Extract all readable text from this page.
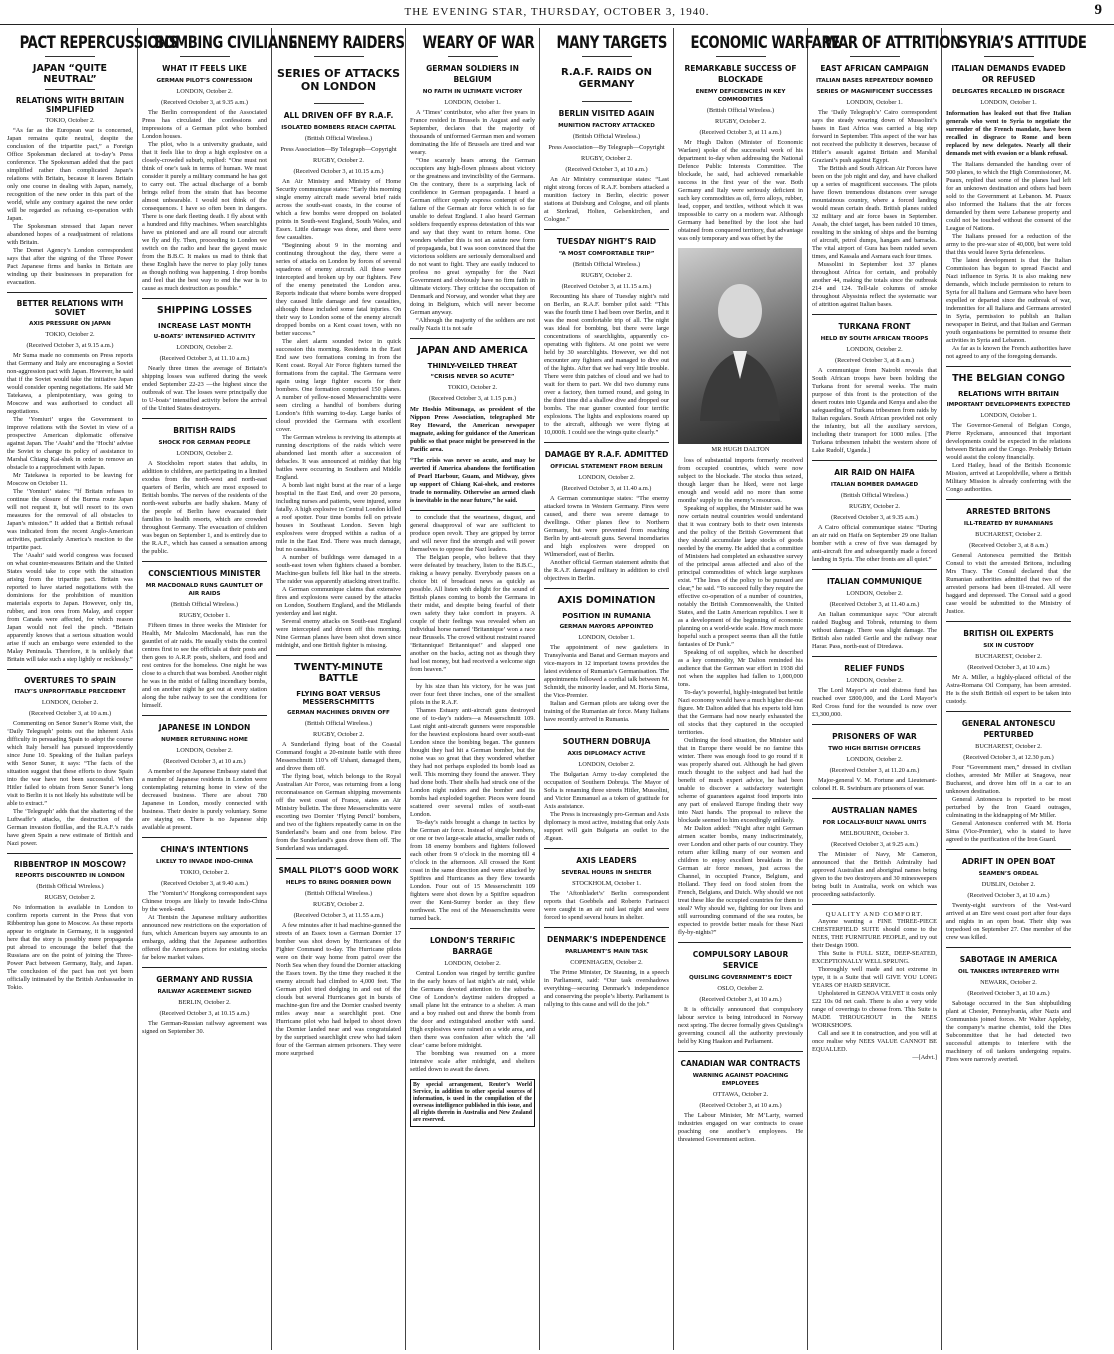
THE EVENING STAR, THURSDAY, OCTOBER 3, 1940.	9
PACT REPERCUSSIONS
JAPAN “QUITE NEUTRAL”
RELATIONS WITH BRITAIN SIMPLIFIED
TOKIO, October 2.

“As far as the European war is concerned, Japan remains quite neutral, despite the conclusion of the tripartite pact,” a Foreign Office Spokesman declared at to-day’s Press conference. The Spokesman added that the pact simplified rather than complicated Japan’s relations with Britain, because it leaves Britain only one course in dealing with Japan, namely, recognition of the new order in this part of the world, while any contrary against the new order will be regarded as refusing co-operation with Japan.

The Spokesman stressed that Japan never abandoned hopes of a readjustment of relations with Britain.

The Domei Agency’s London correspondent says that after the signing of the Three Power Pact Japanese firms and banks in Britain are winding up their businesses in preparation for evacuation.

BETTER RELATIONS WITH SOVIET
AXIS PRESSURE ON JAPAN
TOKIO, October 2.
(Received October 3, at 9.15 a.m.)

Mr Suma made no comments on Press reports that Germany and Italy are encouraging a Soviet non-aggression pact with Japan. However, he said that if the Soviet would take the initiative Japan would consider opening negotiations. He said Mr Tatekawa, a plenipotentiary, was going to Moscow and was authorised to conduct all negotiations.

The ‘Yomiuri’ urges the Government to improve relations with the Soviet in view of a prospective American diplomatic offensive against Japan. The ‘Asahi’ and the ‘Hochi’ advise the Soviet to change its policy of assistance to Marshal Chiang Kai-shek in order to remove an obstacle to a rapprochment with Japan.

Mr Tatekawa is reported to be leaving for Moscow on October 11.

The ‘Yomiuri’ states: “If Britain refuses to continue the closure of the Burma route Japan will not request it, but will resort to its own measures for the removal of all obstacles to Japan’s mission.” It added that a British refusal was indicated from the recent Anglo-American activities, particularly America’s reaction to the tripartite pact.

The ‘Asahi’ said world congress was focused on what counter-measures Britain and the United States would take to cope with the situation arising from the tripartite pact. Britain was reported to have started negotiations with the dominions for the prohibition of munition materials exports to Japan. However, only tin, rubber, and iron ores from Malay, and copper from Canada were affected, for which reason Japan would not feel the pinch. “Britain apparently knows that a serious situation would arise if such an embargo were extended to the Malay Peninsula. Therefore, it is unlikely that Britain will take such a step lightly or recklessly.”

OVERTURES TO SPAIN
ITALY’S UNPROFITABLE PRECEDENT
LONDON, October 2.
(Received October 3, at 10 a.m.)

Commenting on Senor Suner’s Rome visit, the ‘Daily Telegraph’ points out the inherent Axis difficulty in persuading Spain to adopt the course which Italy herself has pursued improvidently since June 10. Speaking of the Italian parleys with Senor Suner, it says: “The facts of the situation suggest that these efforts to draw Spain into the war have not been successful. When Hitler failed to obtain from Senor Suner’s long visit to Berlin it is not likely his substitute will be able to extract.”

The ‘Telegraph’ adds that the shattering of the Luftwaffe’s attacks, the destruction of the German invasion flotillas, and the R.A.F.’s raids have given Spain a new estimate of British and Nazi power.

RIBBENTROP IN MOSCOW?
REPORTS DISCOUNTED IN LONDON
(British Official Wireless.)
RUGBY, October 2.

No information is available in London to confirm reports current in the Press that von Ribbentrop has gone to Moscow. As these reports appear to originate in Germany, it is suggested here that the story is possibly mere propaganda put abroad to encourage the belief that the Russians are on the point of joining the Three-Power Pact between Germany, Italy, and Japan. The conclusion of the pact has not yet been officially intimated by the British Ambassador in Tokio.

BOMBING CIVILIANS
WHAT IT FEELS LIKE
GERMAN PILOT’S CONFESSION
LONDON, October 2.
(Received October 3, at 9.35 a.m.)

The Berlin correspondent of the Associated Press has circulated the confessions and impressions of a German pilot who bombed London houses.

The pilot, who is a university graduate, said that it feels like to drop a high explosive on a closely-crowded suburb, replied: “One must not think of one’s task in terms of human. We must consider it purely a military command he has got to carry out. The actual discharge of a bomb brings relief from the strain that has become almost unbearable. I would not think of the consequences. I have so often been in dangers. There is one dark fleeting death. I fly about with a hundred and fifty machines. When searchlights have us pinioned and are all round our aircraft we fly and fly. Then, proceeding to London we switch on the radio and hear the gayest music from the B.B.C. It makes us mad to think that these English have the nerve to play jolly tunes as though nothing was happening. I drop bombs and feel that the best way to end the war is to cause as much destruction as possible.”

SHIPPING LOSSES
INCREASE LAST MONTH
U-BOATS’ INTENSIFIED ACTIVITY
LONDON, October 2.
(Received October 3, at 11.10 a.m.)

Nearly three times the average of Britain’s shipping losses was suffered during the week ended September 22-23 —the highest since the outbreak of war. The losses were principally due to U-boats’ intensified activity before the arrival of the United States destroyers.

BRITISH RAIDS
SHOCK FOR GERMAN PEOPLE
LONDON, October 2.

A Stockholm report states that adults, in addition to children, are participating in a limited exodus from the north-west and north-east quarters of Berlin, which are most exposed to British bombs. The nerves of the residents of the north-west suburbs are badly shaken. Many of the people of Berlin have evacuated their families to health resorts, which are crowded throughout Germany. The evacuation of children was begun on September 1, and is entirely due to the R.A.F., which has caused a sensation among the public.

CONSCIENTIOUS MINISTER
MR MACDONALD RUNS GAUNTLET OF AIR RAIDS
(British Official Wireless.)
RUGBY, October 1.

Fifteen times in three weeks the Minister for Health, Mr Malcolm Macdonald, has run the gauntlet of air raids. He usually visits the control centres first to see the officials at their posts and then goes to A.R.P. posts, shelters, and food and rest centres for the homeless. One night he was close to a church that was bombed. Another night he was in the midst of falling incendiary bombs, and on another night he got out at every station along the tube railway to see the conditions for himself.

JAPANESE IN LONDON
NUMBER RETURNING HOME
LONDON, October 2.
(Received October 3, at 10 a.m.)

A member of the Japanese Embassy stated that a number of Japanese residents in London were contemplating returning home in view of the decreased business. There are about 780 Japanese in London, mostly connected with business. Their desire is purely voluntary. Some are staying on. There is no Japanese ship available at present.

CHINA’S INTENTIONS
LIKELY TO INVADE INDO-CHINA
TOKIO, October 2.
(Received October 3, at 9.40 a.m.)

The ‘Yomiuri’s’ Hongkong correspondent says Chinese troops are likely to invade Indo-China by the week-end.

At Tientsin the Japanese military authorities announced new restrictions on the exportation of furs, which American buyers say amounts to an embargo, adding that the Japanese authorities offered the Americans prices for existing stocks far below market values.

GERMANY AND RUSSIA
RAILWAY AGREEMENT SIGNED
BERLIN, October 2.
(Received October 3, at 10.15 a.m.)

The German-Russian railway agreement was signed on September 30.

ENEMY RAIDERS
SERIES OF ATTACKS ON LONDON
ALL DRIVEN OFF BY R.A.F.
ISOLATED BOMBERS REACH CAPITAL
(British Official Wireless.)
Press Association—By Telegraph—Copyright
RUGBY, October 2.
(Received October 3, at 10.15 a.m.)

An Air Ministry and Ministry of Home Security communique states: “Early this morning single enemy aircraft made several brief raids across the south-east coasts, in the course of which a few bombs were dropped on isolated points in South-west England, South Wales, and Essex. Little damage was done, and there were few casualties.

“Beginning about 9 in the morning and continuing throughout the day, there were a series of attacks on London by forces of several squadrons of enemy aircraft. All these were intercepted and broken up by our fighters. Few of the enemy penetrated the London area. Reports indicate that where bombs were dropped they caused little damage and few casualties, although these included some fatal injuries. On their way to London some of the enemy aircraft dropped bombs on a Kent coast town, with no better success.”

The alert alarm sounded twice in quick succession this morning. Residents in the East End saw two formations coming in from the Kent coast. Royal Air Force fighters turned the formations from the capital. The Germans were again using large fighter escorts for their bombers. One formation comprised 150 planes. A number of yellow-nosed Messerschmitts were seen circling a handful of bombers during London’s fifth warning to-day. Large banks of cloud provided the Germans with excellent cover.

The German wireless is reviving its attempts at running descriptions of the raids which were abandoned last month after a succession of debacles. It was announced at midday that big battles were occurring in Southern and Middle England.

A bomb last night burst at the rear of a large hospital in the East End, and over 20 persons, including nurses and patients, were injured, some fatally. A high explosive in Central London killed a roof spotter. Four time bombs fell on private houses in Southeast London. Seven high explosives were dropped within a radius of a mile in the East End. There was much damage, but no casualties.

A number of buildings were damaged in a south-east town when fighters chased a bomber. Machine-gun bullets fell like hail in the streets. The raider was apparently attacking street traffic.

A German communique claims that extensive fires and explosions were caused by the attacks on London, Southern England, and the Midlands yesterday and last night.

Several enemy attacks on South-east England were intercepted and driven off this morning. Nine German planes have been shot down since midnight, and one British fighter is missing.

TWENTY-MINUTE BATTLE
FLYING BOAT VERSUS MESSERSCHMITTS
GERMAN MACHINES DRIVEN OFF
(British Official Wireless.)
RUGBY, October 2.

A Sunderland flying boat of the Coastal Command fought a 20-minute battle with three Messerschmitt 110’s off Ushant, damaged them, and drove them off.

The flying boat, which belongs to the Royal Australian Air Force, was returning from a long reconnaissance on German shipping movements off the west coast of France, states an Air Ministry bulletin. The three Messerschmitts were escorting two Dornier ‘Flying Pencil’ bombers, and two of the fighters repeatedly came in on the Sunderland’s beam and one from below. Fire from the Sunderland’s guns drove them off. The Sunderland was undamaged.

SMALL PILOT’S GOOD WORK
HELPS TO BRING DORNIER DOWN
(British Official Wireless.)
RUGBY, October 2.
(Received October 3, at 11.55 a.m.)

A few minutes after it had machine-gunned the streets of an Essex town a German Dornier 17 bomber was shot down by Hurricanes of the Fighter Command to-day. The Hurricane pilots were on their way home from patrol over the North Sea when they found the Dornier attacking the Essex town. By the time they reached it the enemy aircraft had climbed to 4,000 feet. The German pilot tried dodging in and out of the clouds but several Hurricanes got in bursts of machine-gun fire and the Dornier crashed twenty miles away near a searchlight post. One Hurricane pilot who had helped to shoot down the Dornier landed near and was congratulated by the surprised searchlight crew who had taken four of the German airmen prisoners. They were more surprised

WEARY OF WAR
GERMAN SOLDIERS IN BELGIUM
NO FAITH IN ULTIMATE VICTORY
LONDON, October 1.

A ‘Times’ contributor, who after five years in France resided in Brussels in August and early September, declares that the majority of thousands of uniformed German men and women dominating the life of Brussels are tired and war weary.

“One scarcely hears among the German occupiers any high-flown phrases about victory or the greatness and invincibility of the Germans. On the contrary, there is a surprising lack of confidence in German propaganda. I heard a German officer openly express contempt of the failure of the German air force which is so far unable to defeat England. I also heard German soldiers frequently express detestation of this war and say that they want to return home. One wonders whether this is not an astute new form of propaganda, but I was soon convinced that the victorious soldiers are seriously demoralised and do not want to fight. They are easily induced to profess no great sympathy for the Nazi Government and obviously have no firm faith in ultimate victory. They criticise the occupation of Denmark and Norway, and wonder what they are doing in Belgium, which will never become German anyway.

“Although the majority of the soldiers are not really Nazis it is not safe

JAPAN AND AMERICA
THINLY-VEILED THREAT
“CRISIS NEVER SO ACUTE”
TOKIO, October 2.
(Received October 3, at 1.15 p.m.)

Mr Hoshio Mitsunaga, as president of the Nippon Press Association, telegraphed Mr Roy Howard, the American newspaper magnate, asking for guidance of the American public so that peace might be preserved in the Pacific area.

“The crisis was never so acute, and may be averted if America abandons the fortification of Pearl Harbour, Guam, and Midway, gives up support of Chiang Kai-shek, and restores trade to normality. Otherwise an armed clash is inevitable in the near future,” he said.

to conclude that the weariness, disgust, and general disapproval of war are sufficient to produce open revolt. They are gripped by terror and will never find the strength and will power themselves to oppose the Nazi leaders.

The Belgian people, who believe that they were defeated by treachery, listen to the B.B.C., risking a heavy penalty. Everybody passes on a choice bit of broadcast news as quickly as possible. All listen with delight for the sound of British planes coming to bomb the Germans in their midst, and despite being fearful of their own safety they take comfort in prayers. A couple of their feelings was revealed when an individual horse named ‘Britannique’ won a race near Brussels. The crowd without restraint roared ‘Britannique! Britannique!’ and slapped one another on the backs, acting not as though they had lost money, but had received a welcome sign from heaven.”

by his size than his victory, for he was just over four feet three inches, one of the smallest pilots in the R.A.F.

Thames Estuary anti-aircraft guns destroyed one of to-day’s raiders—a Messerschmitt 109. Last night anti-aircraft gunners were responsible for the heaviest explosions heard over south-east London since the bombing began. The gunners thought they had hit a German bomber, but the noise was so great that they wondered whether they had not perhaps exploded its bomb load as well. This morning they found the answer. They had done both. Their shells had struck one of the London night raiders and the bomber and its bombs had exploded together. Pieces were found scattered over several miles of south-east London.

To-day’s raids brought a change in tactics by the German air force. Instead of single bombers, or one or two large-scale attacks, smaller raids of from 18 enemy bombers and fighters followed each other from 9 o’clock in the morning till 4 o’clock in the afternoon. All crossed the Kent coast in the same direction and were attacked by Spitfires and Hurricanes as they flew towards London. Four out of 15 Messerschmitt 109 fighters were shot down by a Spitfire squadron over the Kent-Surrey border as they flew northwest. The rest of the Messerschmitts were turned back.

LONDON’S TERRIFIC BARRAGE
LONDON, October 2.

Central London was ringed by terrific gunfire in the early hours of last night’s air raid, while the Germans devoted attention to the suburbs. One of London’s daytime raiders dropped a small plane hit the entrance to a shelter. A man and a boy rushed out and threw the bomb from the door and extinguished another with sand. High explosives were rained on a wide area, and then there was confusion after which the ‘all clear’ came before midnight.

The bombing was resumed on a more intensive scale after midnight, and shelters settled down to await the dawn.

By special arrangement, Reuter’s World Service, in addition to other special sources of information, is used in the compilation of the overseas intelligence published in this issue, and all rights therein in Australia and New Zealand are reserved.

MANY TARGETS
R.A.F. RAIDS ON GERMANY
BERLIN VISITED AGAIN
MUNITION FACTORY ATTACKED
(British Official Wireless.)
Press Association—By Telegraph—Copyright
RUGBY, October 2.
(Received October 3, at 10 a.m.)

An Air Ministry communique states: “Last night strong forces of R.A.F. bombers attacked a munition factory in Berlin, electric power stations at Duisburg and Cologne, and oil plants at Sterkrad, Holten, Gelsenkirchen, and Cologne.”

TUESDAY NIGHT’S RAID
“A MOST COMFORTABLE TRIP”
(British Official Wireless.)
RUGBY, October 2.
(Received October 3, at 11.15 a.m.)

Recounting his share of Tuesday night’s raid on Berlin, an R.A.F. bomber pilot said: “This was the fourth time I had been over Berlin, and it was the most comfortable trip of all. The night was ideal for bombing, but there were large concentrations of searchlights, apparently co-operating with fighters. At one point we were held by 30 searchlights. However, we did not encounter any fighters and managed to dive out of the lights. After that we had very little trouble. There were thin patches of cloud and we had to wait for them to part. We did two dummy runs over a factory, then turned round, and going in the third time did a shallow dive and dropped our bombs. The rear gunner counted four terrific explosions. The lights and explosions roared up to the aircraft, although we were flying at 10,000ft. I could see the wings quite clearly.”

DAMAGE BY R.A.F. ADMITTED
OFFICIAL STATEMENT FROM BERLIN
LONDON, October 2.
(Received October 3, at 11.40 a.m.)

A German communique states: “The enemy attacked towns in Western Germany. Fires were caused, and there was severe damage to dwellings. Other planes flew to Northern Germany, but were prevented from reaching Berlin by anti-aircraft guns. Several incendiaries and high explosives were dropped on Wilmersdorf, east of Berlin.

Another official German statement admits that the R.A.F. damaged military in addition to civil objectives in Berlin.

AXIS DOMINATION
POSITION IN RUMANIA
GERMAN MAYORS APPOINTED
LONDON, October 1.

The appointment of new gauleiters in Transylvania and Banat and German mayors and vice-mayors in 12 important towns provides the latest evidence of Rumania’s Germanisation. The appointments followed a cordial talk between M. Schmidt, the minority leader, and M. Horia Sima, the Vice-Premier.

Italian and German pilots are taking over the training of the Rumanian air force. Many Italians have recently arrived in Rumania.

SOUTHERN DOBRUJA
AXIS DIPLOMACY ACTIVE
LONDON, October 2.

The Bulgarian Army to-day completed the occupation of Southern Dobruja. The Mayor of Sofia is renaming three streets Hitler, Mussolini, and Victor Emmanuel as a token of gratitude for Axis assistance.

The Press is increasingly pro-German and Axis diplomacy is most active, insisting that only Axis support will gain Bulgaria an outlet to the Ægean.

AXIS LEADERS
SEVERAL HOURS IN SHELTER
STOCKHOLM, October 1.

The ‘Aftonbladet’s’ Berlin correspondent reports that Goebbels and Roberto Farinacci were caught in an air raid last night and were forced to spend several hours in shelter.

DENMARK’S INDEPENDENCE
PARLIAMENT’S MAIN TASK
COPENHAGEN, October 2.

The Prime Minister, Dr Stauning, in a speech in Parliament, said: “Our task overshadows everything—securing Denmark’s independence and conserving the people’s liberty. Parliament is rallying to this cause and will do the job.”

ECONOMIC WARFARE
REMARKABLE SUCCESS OF BLOCKADE
ENEMY DEFICIENCIES IN KEY COMMODITIES
(British Official Wireless.)
RUGBY, October 2.
(Received October 3, at 11 a.m.)

Mr Hugh Dalton (Minister of Economic Warfare) spoke of the successful work of his department to-day when addressing the National Defence Public Interests Committee. The blockade, he said, had achieved remarkable success in the first year of the war. Both Germany and Italy were seriously deficient in such key commodities as oil, ferro alloys, rubber, lead, copper, and textiles, without which it was impossible to carry on a modern war. Although Germany had benefited by the loot she had obtained from conquered territory, that advantage was only temporary and was offset by the

MR HUGH DALTON

loss of substantial imports formerly received from occupied countries, which were now subject to the blockade. The stocks thus seized, though larger than he liked, were not large enough and would add no more than some months’ supply to the enemy’s resources.

Speaking of supplies, the Minister said he was now certain neutral countries would understand that it was contrary both to their own interests and the policy of the British Government that they should accumulate large stocks of goods needed by the enemy. He added that a committee of Ministers had completed an exhaustive survey of the principal areas affected and also of the principal commodities of which large surpluses exist. “The lines of the policy to be pursued are clear,” he said. “To succeed fully they require the effective co-operation of a number of countries, notably the British Commonwealth, the United States, and the Latin American republics. I see it as a development of the beginning of economic planning on a world-wide scale. How much more hopeful such a prospect seems than all the futile fantasies of Dr Funk.”

Speaking of oil supplies, which he described as a key commodity, Mr Dalton reminded his audience that the German war effort in 1938 did not when the supplies had fallen to 1,000,000 tons.

To-day’s powerful, highly-integrated but brittle Nazi economy would have a much higher die-out figure. Mr Dalton added that his experts told him that the Germans had now nearly exhausted the oil stocks that they captured in the occupied territories.

Outlining the food situation, the Minister said that in Europe there would be no famine this winter. There was enough food to go round if it was properly shared out. Although he had given much thought to the subject and had had the benefit of much expert advice, he had been unable to discover a satisfactory watertight scheme of guarantees against food imports into any part of enslaved Europe finding their way into Nazi hands. The proposal to relieve the blockade seemed to him exceedingly unlikely.

Mr Dalton added: “Night after night German airmen scatter bombs, many indiscriminately, over London and other parts of our country. They return after killing many of our women and children to enjoy excellent breakfasts in the German air force messes, just across the Channel, in occupied France, Belgium, and Holland. They feed on food stolen from the French, Belgians, and Dutch. Why should we not treat these like the occupied countries for them to steal? Why should we, fighting for our lives and still surrounding command of the sea routes, be expected to provide better meals for these Nazi fly-by-nights?”

COMPULSORY LABOUR SERVICE
QUISLING GOVERNMENT’S EDICT
OSLO, October 2.
(Received October 3, at 10 a.m.)

It is officially announced that compulsory labour service is being introduced in Norway next spring. The decree formally gives Quisling’s governing council all the authority previously held by King Haakon and Parliament.

CANADIAN WAR CONTRACTS
WARNING AGAINST POACHING EMPLOYEES
OTTAWA, October 2.
(Received October 3, at 10 a.m.)

The Labour Minister, Mr M’Larty, warned industries engaged on war contracts to cease poaching one another’s employees. He threatened Government action.

WAR OF ATTRITION
EAST AFRICAN CAMPAIGN
ITALIAN BASES REPEATEDLY BOMBED
SERIES OF MAGNIFICENT SUCCESSES
LONDON, October 1.

The ‘Daily Telegraph’s’ Cairo correspondent says the steady wearing down of Mussolini’s bases in East Africa was carried a big step forward in September. This aspect of the war has not received the publicity it deserves, because of Hitler’s assault against Britain and Marshal Graziani’s push against Egypt.

The British and South African Air Forces have been on the job night and day, and have chalked up a series of magnificent successes. The pilots have flown tremendous distances over savage mountainous country, where a forced landing would mean certain death. British planes raided 32 military and air force bases in September. Assab, the chief target, has been raided 10 times, resulting in the sinking of ships and the burning of aircraft, petrol dumps, hangars and barracks. The vital airport of Gura has been raided seven times, and Kassala and Asmara each four times.

Mussolini in September lost 37 planes throughout Africa for certain, and probably another 44, making the totals since the outbreak 214 and 124. Tell-tale columns of smoke throughout Abyssinia reflect the systematic war of attrition against Italian bases.

TURKANA FRONT
HELD BY SOUTH AFRICAN TROOPS
LONDON, October 2.
(Received October 3, at 8 a.m.)

A communique from Nairobi reveals that South African troops have been holding the Turkana front for several weeks. The main purpose of this front is the protection of the desert routes into Uganda and Kenya and also the safeguarding of Turkana tribesmen from raids by Italian regulars. South African provided not only the infantry, but all the auxiliary services, including their transport for 1000 miles. [The Turkana tribesmen inhabit the western shore of Lake Rudolf, Uganda.]

AIR RAID ON HAIFA
ITALIAN BOMBER DAMAGED
(British Official Wireless.)
RUGBY, October 2.
(Received October 3, at 9.35 a.m.)

A Cairo official communique states: “During an air raid on Haifa on September 29 one Italian bomber with a crew of five was damaged by anti-aircraft fire and subsequently made a forced landing in Syria. The other fronts are all quiet.”

ITALIAN COMMUNIQUE
LONDON, October 2.
(Received October 3, at 11.40 a.m.)

An Italian communique says: “Our aircraft raided Bugbug and Tobruk, returning to them without damage. There was slight damage. The British also raided Gerile and the railway near Harar. Pass, north-east of Diredawa.

RELIEF FUNDS
LONDON, October 2.

The Lord Mayor’s air raid distress fund has reached over £800,000, and the Lord Mayor’s Red Cross fund for the wounded is now over £3,300,000.

PRISONERS OF WAR
TWO HIGH BRITISH OFFICERS
LONDON, October 2.
(Received October 3, at 11.20 a.m.)

Major-general V. M. Fortune and Lieutenant-colonel H. R. Swinburn are prisoners of war.

AUSTRALIAN NAMES
FOR LOCALLY-BUILT NAVAL UNITS
MELBOURNE, October 3.
(Received October 3, at 9.25 a.m.)

The Minister of Navy, Mr Cameron, announced that the British Admiralty had approved Australian and aboriginal names being given to the two destroyers and 30 minesweepers being built in Australia, work on which was proceeding satisfactorily.

QUALITY AND COMFORT.

Anyone wanting a FINE THREE-PIECE CHESTERFIELD SUITE should come to the NEES, THE FURNITURE PEOPLE, and try out their Design 1900.

This Suite is FULL SIZE, DEEP-SEATED, EXCEPTIONALLY WELL SPRUNG.

Thoroughly well made and not extreme in type, it is a Suite that will GIVE YOU LONG YEARS OF HARD SERVICE.

Upholstered in GENOA VELVET it costs only £22 10s 0d net cash. There is also a very wide range of coverings to choose from. This Suite is MADE THROUGHOUT in the NEES WORKSHOPS.

Call and see it in construction, and you will at once realise why NEES VALUE CANNOT BE EQUALLED.

—[Advt.]
SYRIA’S ATTITUDE
ITALIAN DEMANDS EVADED OR REFUSED
DELEGATES RECALLED IN DISGRACE
LONDON, October 1.

Information has leaked out that five Italian generals who went to Syria to negotiate the surrender of the French mandate, have been recalled in disgrace to Rome and been replaced by new delegates. Nearly all their demands met with evasion or a blank refusal.

The Italians demanded the handing over of 500 planes, to which the High Commissioner, M. Puaux, replied that some of the planes had left for an unknown destination and others had been sold to the Government at Lebanon. M. Puaux also informed the Italians that the air forces demanded by them were Lebanese property and could not be touched without the consent of the League of Nations.

The Italians pressed for a reduction of the army to the pre-war size of 40,000, but were told that this would leave Syria defenceless.

The latest development is that the Italian Commission has begun to spread Fascist and Nazi influence in Syria. It is also making new demands, which include permission to return to Syria for all Italians and Germans who have been expelled or departed since the outbreak of war, indemnities for all Italians and Germans arrested in Syria, permission to publish an Italian newspaper in Beirut, and that Italian and German youth organisations be permitted to resume their activities in Syria and Lebanon.

As far as is known the French authorities have not agreed to any of the foregoing demands.

THE BELGIAN CONGO
RELATIONS WITH BRITAIN
IMPORTANT DEVELOPMENTS EXPECTED
LONDON, October 1.

The Governor-General of Belgian Congo, Pierre Ryckmans, announced that important developments could be expected in the relations between Britain and the Congo. Probably Britain would assist the colony financially.

Lord Hailey, head of the British Economic Mission, arrived at Leopoldville, where a British Military Mission is already conferring with the Congo authorities.

ARRESTED BRITONS
ILL-TREATED BY RUMANIANS
BUCHAREST, October 2.
(Received October 3, at 8 a.m.)

General Antonescu permitted the British Consul to visit the arrested Britons, including Mrs Tracy. The Consul declared that the Rumanian authorities admitted that two of the arrested persons had been ill-treated. All were haggard and depressed. The Consul said a good case would be submitted to the Ministry of Justice.

BRITISH OIL EXPERTS
SIX IN CUSTODY
BUCHAREST, October 2.
(Received October 3, at 10 a.m.)

Mr A. Miller, a highly-placed official of the Astra-Romana Oil Company, has been arrested. He is the sixth British oil expert to be taken into custody.

GENERAL ANTONESCU PERTURBED
BUCHAREST, October 2.
(Received October 3, at 12.30 p.m.)

Four “Government men,” dressed in civilian clothes, arrested Mr Miller at Snagova, near Bucharest, and drove him off in a car to an unknown destination.

General Antonescu is reported to be most perturbed by the Iron Guard outrages, culminating in the kidnapping of Mr Miller.

General Antonescu conferred with M. Horia Sima (Vice-Premier), who is stated to have agreed to the purification of the Iron Guard.

ADRIFT IN OPEN BOAT
SEAMEN’S ORDEAL
DUBLIN, October 2.
(Received October 3, at 10 a.m.)

Twenty-eight survivors of the Vest-vard arrived at an Eire west coast port after four days and nights in an open boat. Their ship was torpedoed on September 27. One member of the crew was killed.

SABOTAGE IN AMERICA
OIL TANKERS INTERFERED WITH
NEWARK, October 2.
(Received October 3, at 10 a.m.)

Sabotage occurred in the Sun shipbuilding plant at Chester, Pennsylvania, after Nazis and Communists joined forces. Mr Walter Appleby, the company’s marine chemist, told the Dies Subcommittee that he had detected two successful attempts to interfere with the machinery of oil tankers undergoing repairs. Fires were narrowly averted.
